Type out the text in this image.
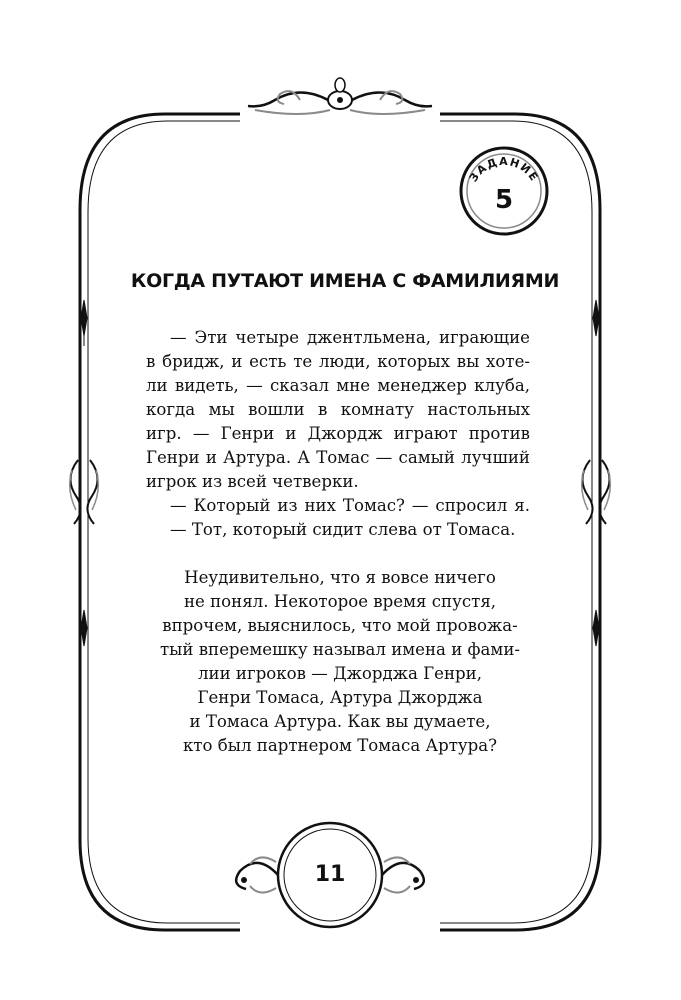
ЗАДАНИЕ
5
КОГДА ПУТАЮТ ИМЕНА С ФАМИЛИЯМИ
— Эти четыре джентльмена, играющие
в бридж, и есть те люди, которых вы хоте-
ли видеть, — сказал мне менеджер клуба,
когда мы вошли в комнату настольных
игр. — Генри и Джордж играют против
Генри и Артура. А Томас — самый лучший
игрок из всей четверки.
— Который из них Томас? — спросил я.
— Тот, который сидит слева от Томаса.
Неудивительно, что я вовсе ничего
не понял. Некоторое время спустя,
впрочем, выяснилось, что мой провожа-
тый вперемешку называл имена и фами-
лии игроков — Джорджа Генри,
Генри Томаса, Артура Джорджа
и Томаса Артура. Как вы думаете,
кто был партнером Томаса Артура?
11
